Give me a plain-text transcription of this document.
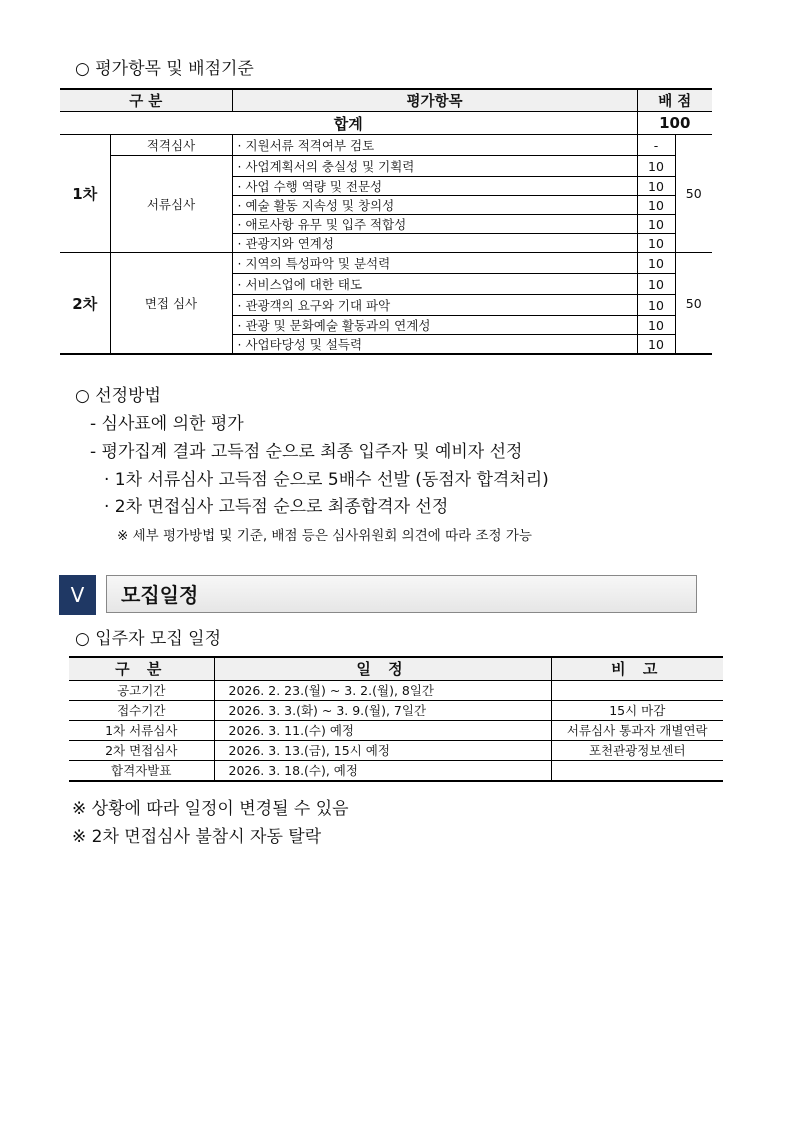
○ 평가항목 및 배점기준
구 분		평가항목	배 점	
합계			100	
1차	적격심사	· 지원서류 적격여부 검토	-	50
	서류심사	· 사업계획서의 충실성 및 기획력	10	
		· 사업 수행 역량 및 전문성	10	
		· 예술 활동 지속성 및 창의성	10	
		· 애로사항 유무 및 입주 적합성	10	
		· 관광지와 연계성	10	
2차	면접 심사	· 지역의 특성파악 및 분석력	10	50
		· 서비스업에 대한 태도	10	
		· 관광객의 요구와 기대 파악	10	
		· 관광 및 문화예술 활동과의 연계성	10	
		· 사업타당성 및 설득력	10	
○ 선정방법
- 심사표에 의한 평가
- 평가집계 결과 고득점 순으로 최종 입주자 및 예비자 선정
· 1차 서류심사 고득점 순으로 5배수 선발 (동점자 합격처리)
· 2차 면접심사 고득점 순으로 최종합격자 선정
※ 세부 평가방법 및 기준, 배점 등은 심사위원회 의견에 따라 조정 가능
V	모집일정
○ 입주자 모집 일정
구 분	일 정	비 고
공고기간	2026. 2. 23.(월) ~ 3. 2.(월), 8일간	
접수기간	2026. 3. 3.(화) ~ 3. 9.(월), 7일간	15시 마감
1차 서류심사	2026. 3. 11.(수) 예정	서류심사 통과자 개별연락
2차 면접심사	2026. 3. 13.(금), 15시 예정	포천관광정보센터
합격자발표	2026. 3. 18.(수), 예정	
※ 상황에 따라 일정이 변경될 수 있음
※ 2차 면접심사 불참시 자동 탈락
